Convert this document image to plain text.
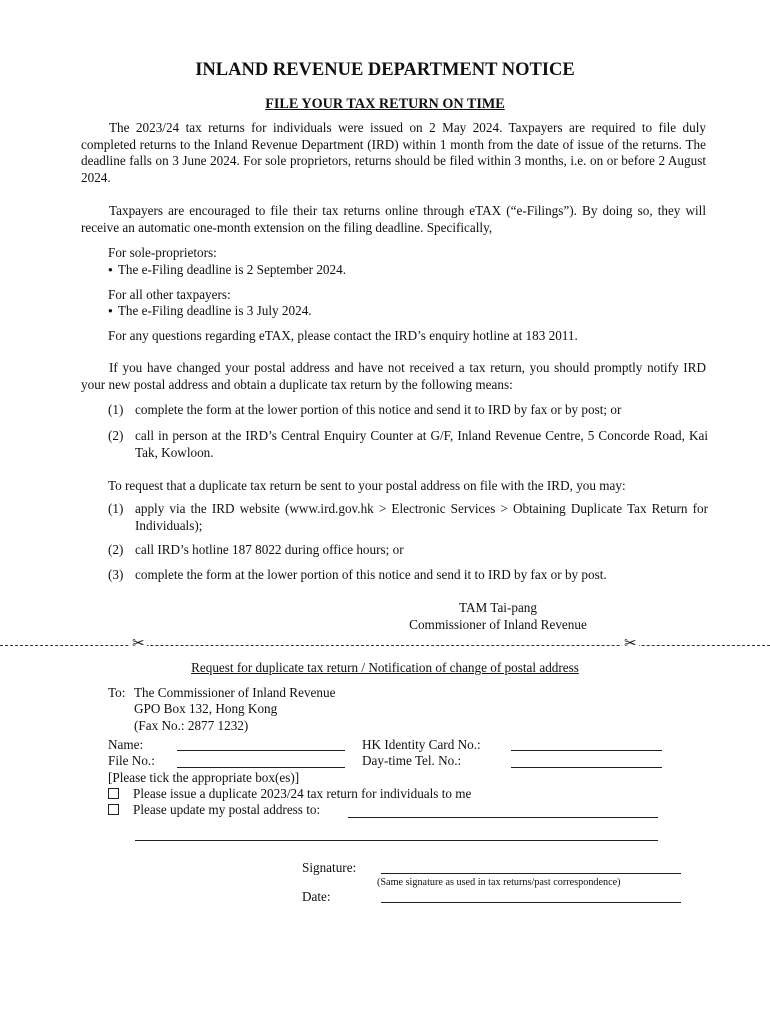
INLAND REVENUE DEPARTMENT NOTICE
FILE YOUR TAX RETURN ON TIME
The 2023/24 tax returns for individuals were issued on 2 May 2024. Taxpayers are required to file duly completed returns to the Inland Revenue Department (IRD) within 1 month from the date of issue of the returns. The deadline falls on 3 June 2024. For sole proprietors, returns should be filed within 3 months, i.e. on or before 2 August 2024.
Taxpayers are encouraged to file their tax returns online through eTAX (“e-Filings”). By doing so, they will receive an automatic one-month extension on the filing deadline. Specifically,
For sole-proprietors:
● The e-Filing deadline is 2 September 2024.
For all other taxpayers:
● The e-Filing deadline is 3 July 2024.
For any questions regarding eTAX, please contact the IRD’s enquiry hotline at 183 2011.
If you have changed your postal address and have not received a tax return, you should promptly notify IRD your new postal address and obtain a duplicate tax return by the following means:
(1) complete the form at the lower portion of this notice and send it to IRD by fax or by post; or
(2) call in person at the IRD’s Central Enquiry Counter at G/F, Inland Revenue Centre, 5 Concorde Road, Kai Tak, Kowloon.
To request that a duplicate tax return be sent to your postal address on file with the IRD, you may:
(1) apply via the IRD website (www.ird.gov.hk > Electronic Services > Obtaining Duplicate Tax Return for Individuals);
(2) call IRD’s hotline 187 8022 during office hours; or
(3) complete the form at the lower portion of this notice and send it to IRD by fax or by post.
TAM Tai-pang
Commissioner of Inland Revenue
✂	✂
Request for duplicate tax return / Notification of change of postal address
To: The Commissioner of Inland Revenue
GPO Box 132, Hong Kong
(Fax No.: 2877 1232)
Name:	HK Identity Card No.:
File No.:	Day-time Tel. No.:
[Please tick the appropriate box(es)]
Please issue a duplicate 2023/24 tax return for individuals to me
Please update my postal address to:
Signature:
(Same signature as used in tax returns/past correspondence)
Date:
